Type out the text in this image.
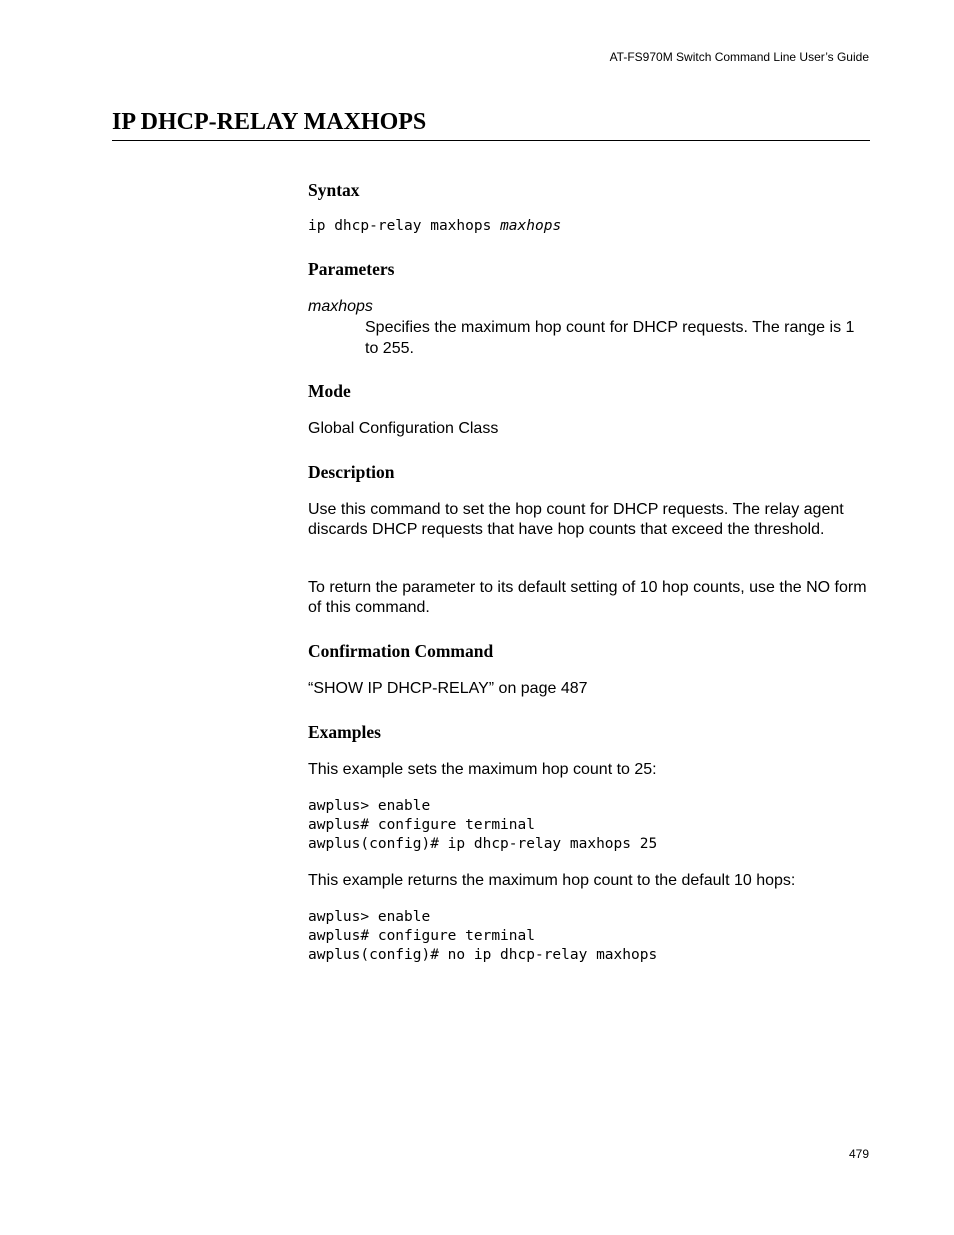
AT-FS970M Switch Command Line User’s Guide
IP DHCP-RELAY MAXHOPS
Syntax
ip dhcp-relay maxhops maxhops
Parameters
maxhops
Specifies the maximum hop count for DHCP requests. The range is 1 to 255.
Mode

Global Configuration Class

Description

Use this command to set the hop count for DHCP requests. The relay agent discards DHCP requests that have hop counts that exceed the threshold.

To return the parameter to its default setting of 10 hop counts, use the NO form of this command.

Confirmation Command

“SHOW IP DHCP-RELAY” on page 487

Examples

This example sets the maximum hop count to 25:

awplus> enable
awplus# configure terminal
awplus(config)# ip dhcp-relay maxhops 25

This example returns the maximum hop count to the default 10 hops:

awplus> enable
awplus# configure terminal
awplus(config)# no ip dhcp-relay maxhops
479
